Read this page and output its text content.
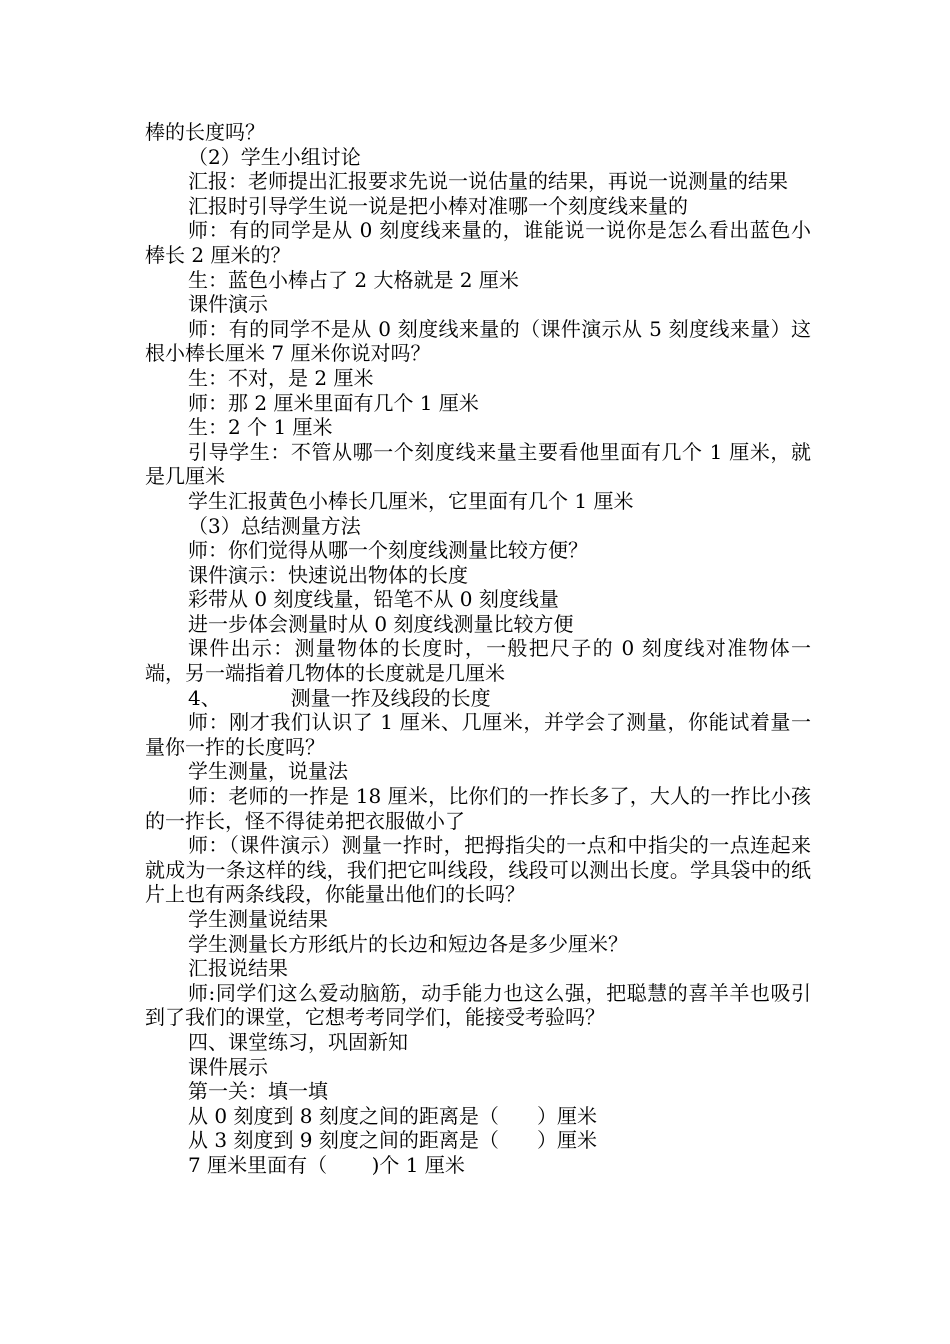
棒的长度吗？

（2）学生小组讨论

汇报：老师提出汇报要求先说一说估量的结果，再说一说测量的结果

汇报时引导学生说一说是把小棒对准哪一个刻度线来量的

师：有的同学是从 0 刻度线来量的，谁能说一说你是怎么看出蓝色小棒长 2 厘米的？

生：蓝色小棒占了 2 大格就是 2 厘米

课件演示

师：有的同学不是从 0 刻度线来量的（课件演示从 5 刻度线来量）这根小棒长厘米 7 厘米你说对吗？

生：不对，是 2 厘米

师：那 2 厘米里面有几个 1 厘米

生：2 个 1 厘米

引导学生：不管从哪一个刻度线来量主要看他里面有几个 1 厘米，就是几厘米

学生汇报黄色小棒长几厘米，它里面有几个 1 厘米

（3）总结测量方法

师：你们觉得从哪一个刻度线测量比较方便？

课件演示：快速说出物体的长度

彩带从 0 刻度线量，铅笔不从 0 刻度线量

进一步体会测量时从 0 刻度线测量比较方便

课件出示：测量物体的长度时，一般把尺子的 0 刻度线对准物体一端，另一端指着几物体的长度就是几厘米

4、           测量一拃及线段的长度

师：刚才我们认识了 1 厘米、几厘米，并学会了测量，你能试着量一量你一拃的长度吗？

学生测量，说量法

师：老师的一拃是 18 厘米，比你们的一拃长多了，大人的一拃比小孩的一拃长，怪不得徒弟把衣服做小了

师：（课件演示）测量一拃时，把拇指尖的一点和中指尖的一点连起来就成为一条这样的线，我们把它叫线段，线段可以测出长度。学具袋中的纸片上也有两条线段，你能量出他们的长吗？

学生测量说结果

学生测量长方形纸片的长边和短边各是多少厘米？

汇报说结果

师:同学们这么爱动脑筋，动手能力也这么强，把聪慧的喜羊羊也吸引到了我们的课堂，它想考考同学们，能接受考验吗？

四、课堂练习，巩固新知

课件展示

第一关：填一填

从 0 刻度到 8 刻度之间的距离是（      ）厘米

从 3 刻度到 9 刻度之间的距离是（      ）厘米

7 厘米里面有（       )个 1 厘米
